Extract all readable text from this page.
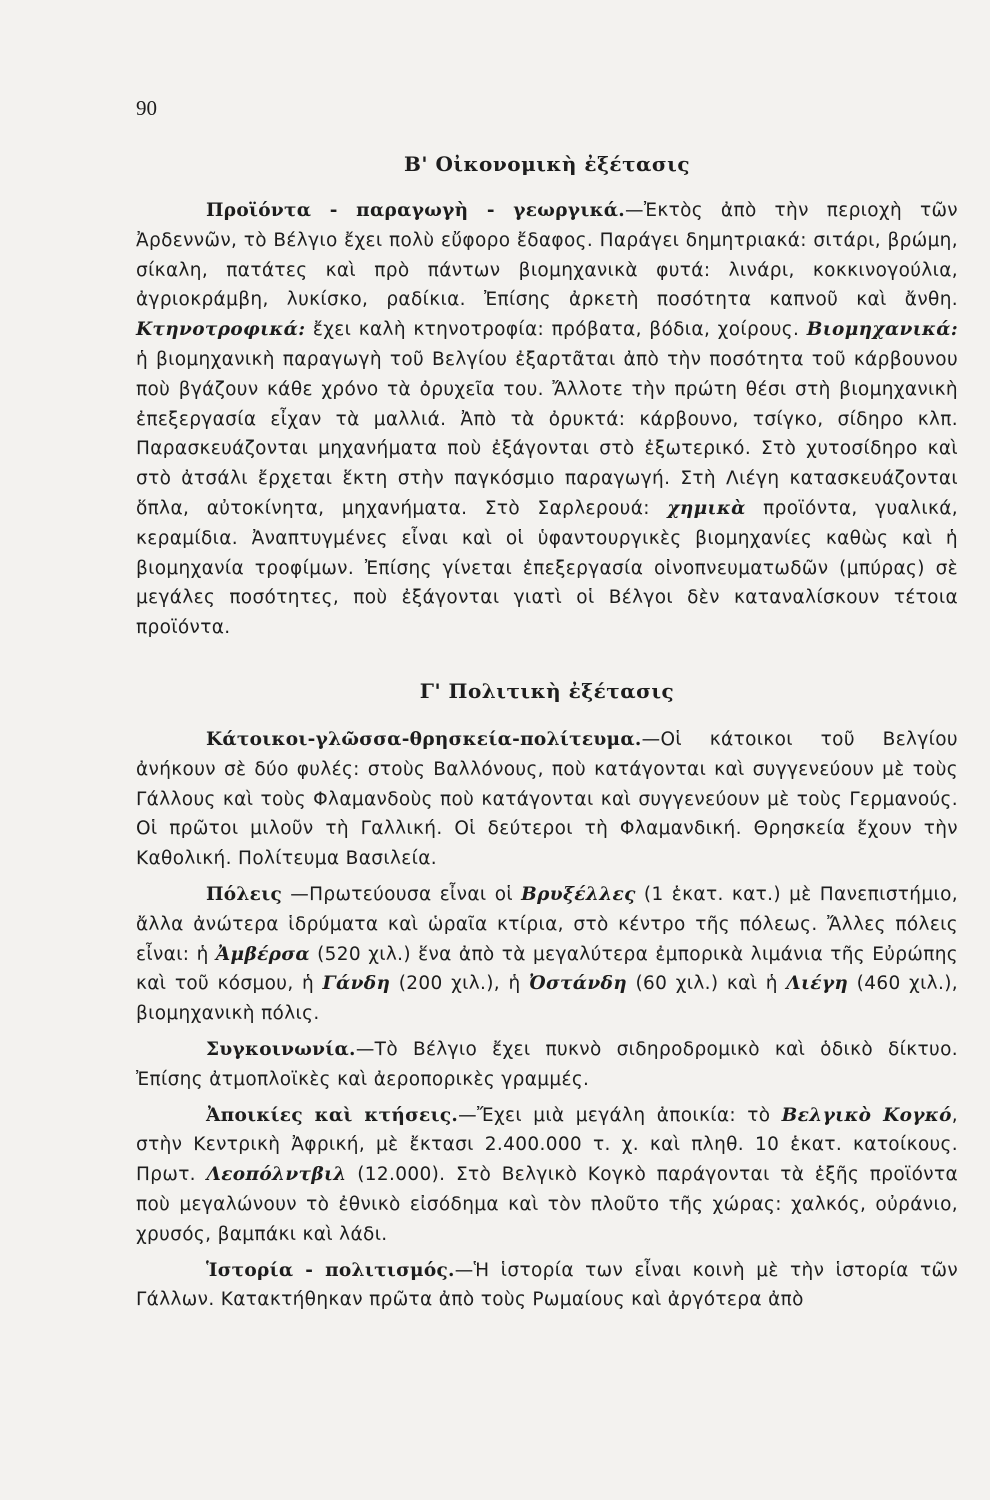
90
Β' Οἰκονομικὴ ἐξέτασις

Προϊόντα - παραγωγὴ - γεωργικά.—Ἐκτὸς ἀπὸ τὴν περιοχὴ τῶν Ἀρδεννῶν, τὸ Βέλγιο ἔχει πολὺ εὔφορο ἔδαφος. Παράγει δημητριακά: σιτάρι, βρώμη, σίκαλη, πατάτες καὶ πρὸ πάντων βιομηχανικὰ φυτά: λινάρι, κοκκινογούλια, ἀγριοκράμβη, λυκίσκο, ραδίκια. Ἐπίσης ἀρκετὴ ποσότητα καπνοῦ καὶ ἄνθη. Κτηνοτροφικά: ἔχει καλὴ κτηνοτροφία: πρόβατα, βόδια, χοίρους. Βιομηχανικά: ἡ βιομηχανικὴ παραγωγὴ τοῦ Βελγίου ἐξαρτᾶται ἀπὸ τὴν ποσότητα τοῦ κάρβουνου ποὺ βγάζουν κάθε χρόνο τὰ ὀρυχεῖα του. Ἄλλοτε τὴν πρώτη θέσι στὴ βιομηχανικὴ ἐπεξεργασία εἶχαν τὰ μαλλιά. Ἀπὸ τὰ ὀρυκτά: κάρβουνο, τσίγκο, σίδηρο κλπ. Παρασκευάζονται μηχανήματα ποὺ ἐξάγονται στὸ ἐξωτερικό. Στὸ χυτοσίδηρο καὶ στὸ ἀτσάλι ἔρχεται ἕκτη στὴν παγκόσμιο παραγωγή. Στὴ Λιέγη κατασκευάζονται ὅπλα, αὐτοκίνητα, μηχανήματα. Στὸ Σαρλερουά: χημικὰ προϊόντα, γυαλικά, κεραμίδια. Ἀναπτυγμένες εἶναι καὶ οἱ ὑφαντουργικὲς βιομηχανίες καθὼς καὶ ἡ βιομηχανία τροφίμων. Ἐπίσης γίνεται ἐπεξεργασία οἰνοπνευματωδῶν (μπύρας) σὲ μεγάλες ποσότητες, ποὺ ἐξάγονται γιατὶ οἱ Βέλγοι δὲν καταναλίσκουν τέτοια προϊόντα.

Γ' Πολιτικὴ ἐξέτασις

Κάτοικοι-γλῶσσα-θρησκεία-πολίτευμα.—Οἱ κάτοικοι τοῦ Βελγίου ἀνήκουν σὲ δύο φυλές: στοὺς Βαλλόνους, ποὺ κατάγονται καὶ συγγενεύουν μὲ τοὺς Γάλλους καὶ τοὺς Φλαμανδοὺς ποὺ κατάγονται καὶ συγγενεύουν μὲ τοὺς Γερμανούς. Οἱ πρῶτοι μιλοῦν τὴ Γαλλική. Οἱ δεύτεροι τὴ Φλαμανδική. Θρησκεία ἔχουν τὴν Καθολική. Πολίτευμα Βασιλεία.

Πόλεις —Πρωτεύουσα εἶναι οἱ Βρυξέλλες (1 ἑκατ. κατ.) μὲ Πανεπιστήμιο, ἄλλα ἀνώτερα ἱδρύματα καὶ ὡραῖα κτίρια, στὸ κέντρο τῆς πόλεως. Ἄλλες πόλεις εἶναι: ἡ Ἀμβέρσα (520 χιλ.) ἕνα ἀπὸ τὰ μεγαλύτερα ἐμπορικὰ λιμάνια τῆς Εὐρώπης καὶ τοῦ κόσμου, ἡ Γάνδη (200 χιλ.), ἡ Ὀστάνδη (60 χιλ.) καὶ ἡ Λιέγη (460 χιλ.), βιομηχανικὴ πόλις.

Συγκοινωνία.—Τὸ Βέλγιο ἔχει πυκνὸ σιδηροδρομικὸ καὶ ὁδικὸ δίκτυο. Ἐπίσης ἀτμοπλοϊκὲς καὶ ἀεροπορικὲς γραμμές.

Ἀποικίες καὶ κτήσεις.—Ἔχει μιὰ μεγάλη ἀποικία: τὸ Βελγικὸ Κογκό, στὴν Κεντρικὴ Ἀφρική, μὲ ἔκτασι 2.400.000 τ. χ. καὶ πληθ. 10 ἑκατ. κατοίκους. Πρωτ. Λεοπόλντβιλ (12.000). Στὸ Βελγικὸ Κογκὸ παράγονται τὰ ἑξῆς προϊόντα ποὺ μεγαλώνουν τὸ ἐθνικὸ εἰσόδημα καὶ τὸν πλοῦτο τῆς χώρας: χαλκός, οὐράνιο, χρυσός, βαμπάκι καὶ λάδι.

Ἱστορία - πολιτισμός.—Ἡ ἱστορία των εἶναι κοινὴ μὲ τὴν ἱστορία τῶν Γάλλων. Κατακτήθηκαν πρῶτα ἀπὸ τοὺς Ρωμαίους καὶ ἀργότερα ἀπὸ
